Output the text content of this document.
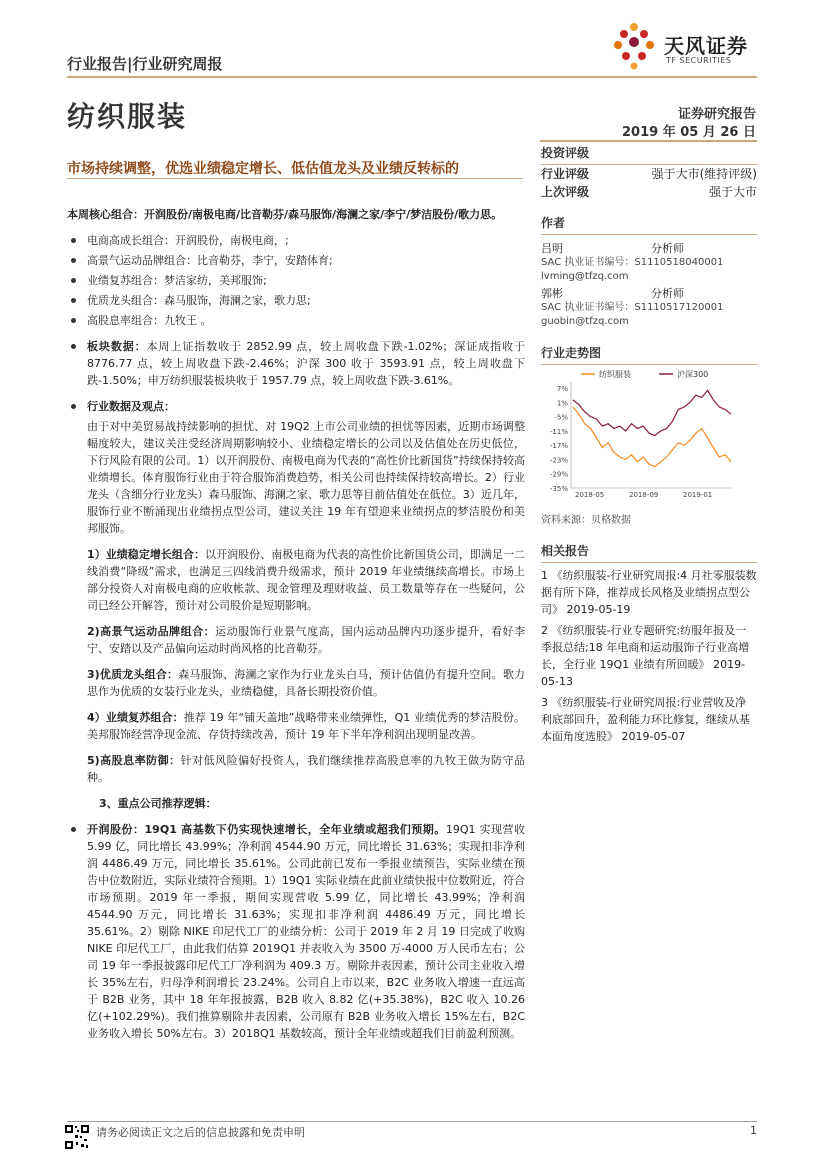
行业报告|行业研究周报
天风证券
TF SECURITIES
纺织服装	证券研究报告
2019 年 05 月 26 日
市场持续调整，优选业绩稳定增长、低估值龙头及业绩反转标的

本周核心组合：开润股份/南极电商/比音勒芬/森马服饰/海澜之家/李宁/梦洁股份/歌力思。

电商高成长组合：开润股份，南极电商，;

高景气运动品牌组合：比音勒芬，李宁，安踏体育;

业绩复苏组合：梦洁家纺，美邦服饰;

优质龙头组合：森马服饰，海澜之家，歌力思;

高股息率组合：九牧王 。

板块数据：本周上证指数收于 2852.99 点，较上周收盘下跌-1.02%；深证成指收于 8776.77 点，较上周收盘下跌-2.46%；沪深 300 收于 3593.91 点，较上周收盘下跌-1.50%；申万纺织服装板块收于 1957.79 点，较上周收盘下跌-3.61%。

行业数据及观点：

由于对中美贸易战持续影响的担忧、对 19Q2 上市公司业绩的担忧等因素，近期市场调整幅度较大，建议关注受经济周期影响较小、业绩稳定增长的公司以及估值处在历史低位，下行风险有限的公司。1）以开润股份、南极电商为代表的“高性价比新国货”持续保持较高业绩增长。体育服饰行业由于符合服饰消费趋势，相关公司也持续保持较高增长。2）行业龙头（含细分行业龙头）森马服饰、海澜之家、歌力思等目前估值处在低位。3）近几年，服饰行业不断涌现出业绩拐点型公司，建议关注 19 年有望迎来业绩拐点的梦洁股份和美邦服饰。

1）业绩稳定增长组合：以开润股份、南极电商为代表的高性价比新国货公司，即满足一二线消费“降级”需求，也满足三四线消费升级需求，预计 2019 年业绩继续高增长。市场上部分投资人对南极电商的应收帐款、现金管理及理财收益、员工数量等存在一些疑问，公司已经公开解答，预计对公司股价是短期影响。

2)高景气运动品牌组合：运动服饰行业景气度高，国内运动品牌内功逐步提升，看好李宁、安踏以及产品偏向运动时尚风格的比音勒芬。

3)优质龙头组合：森马服饰、海澜之家作为行业龙头白马，预计估值仍有提升空间。歌力思作为优质的女装行业龙头，业绩稳健，具备长期投资价值。

4）业绩复苏组合：推荐 19 年“铺天盖地”战略带来业绩弹性，Q1 业绩优秀的梦洁股份。美邦服饰经营净现金流、存货持续改善，预计 19 年下半年净利润出现明显改善。

5)高股息率防御：针对低风险偏好投资人，我们继续推荐高股息率的九牧王做为防守品种。

3、重点公司推荐逻辑：

开润股份：19Q1 高基数下仍实现快速增长，全年业绩或超我们预期。19Q1 实现营收 5.99 亿，同比增长 43.99%；净利润 4544.90 万元，同比增长 31.63%；实现扣非净利润 4486.49 万元，同比增长 35.61%。公司此前已发布一季报业绩预告，实际业绩在预告中位数附近，实际业绩符合预期。1）19Q1 实际业绩在此前业绩快报中位数附近，符合市场预期。2019 年一季报，期间实现营收 5.99 亿，同比增长 43.99%；净利润 4544.90 万元，同比增长 31.63%；实现扣非净利润 4486.49 万元，同比增长 35.61%。2）剔除 NIKE 印尼代工厂的业绩分析：公司于 2019 年 2 月 19 日完成了收购 NIKE 印尼代工厂，由此我们估算 2019Q1 并表收入为 3500 万-4000 万人民币左右；公司 19 年一季报披露印尼代工厂净利润为 409.3 万。剔除并表因素，预计公司主业收入增长 35%左右，归母净利润增长 23.24%。公司自上市以来，B2C 业务收入增速一直远高于 B2B 业务，其中 18 年年报披露，B2B 收入 8.82 亿(+35.38%)，B2C 收入 10.26 亿(+102.29%)。我们推算剔除并表因素，公司原有 B2B 业务收入增长 15%左右，B2C 业务收入增长 50%左右。3）2018Q1 基数较高，预计全年业绩或超我们目前盈利预测。

投资评级
行业评级	强于大市(维持评级)
上次评级	强于大市
作者
吕明	分析师
SAC 执业证书编号：S1110518040001
lvming@tfzq.com
郭彬	分析师
SAC 执业证书编号：S1110517120001
guobin@tfzq.com
行业走势图
纺织服装	沪深300
7%
1%
-5%
-11%
-17%
-23%
-29%
-35%
2018-05	2018-09	2019-01
资料来源：贝格数据
相关报告
1 《纺织服装-行业研究周报:4 月社零服装数据有所下降，推荐成长风格及业绩拐点型公司》 2019-05-19
2 《纺织服装-行业专题研究:纺服年报及一季报总结;18 年电商和运动服饰子行业高增长，全行业 19Q1 业绩有所回暖》 2019-05-13
3 《纺织服装-行业研究周报:行业营收及净利底部回升，盈利能力环比修复，继续从基本面角度选股》 2019-05-07
请务必阅读正文之后的信息披露和免责申明	1
